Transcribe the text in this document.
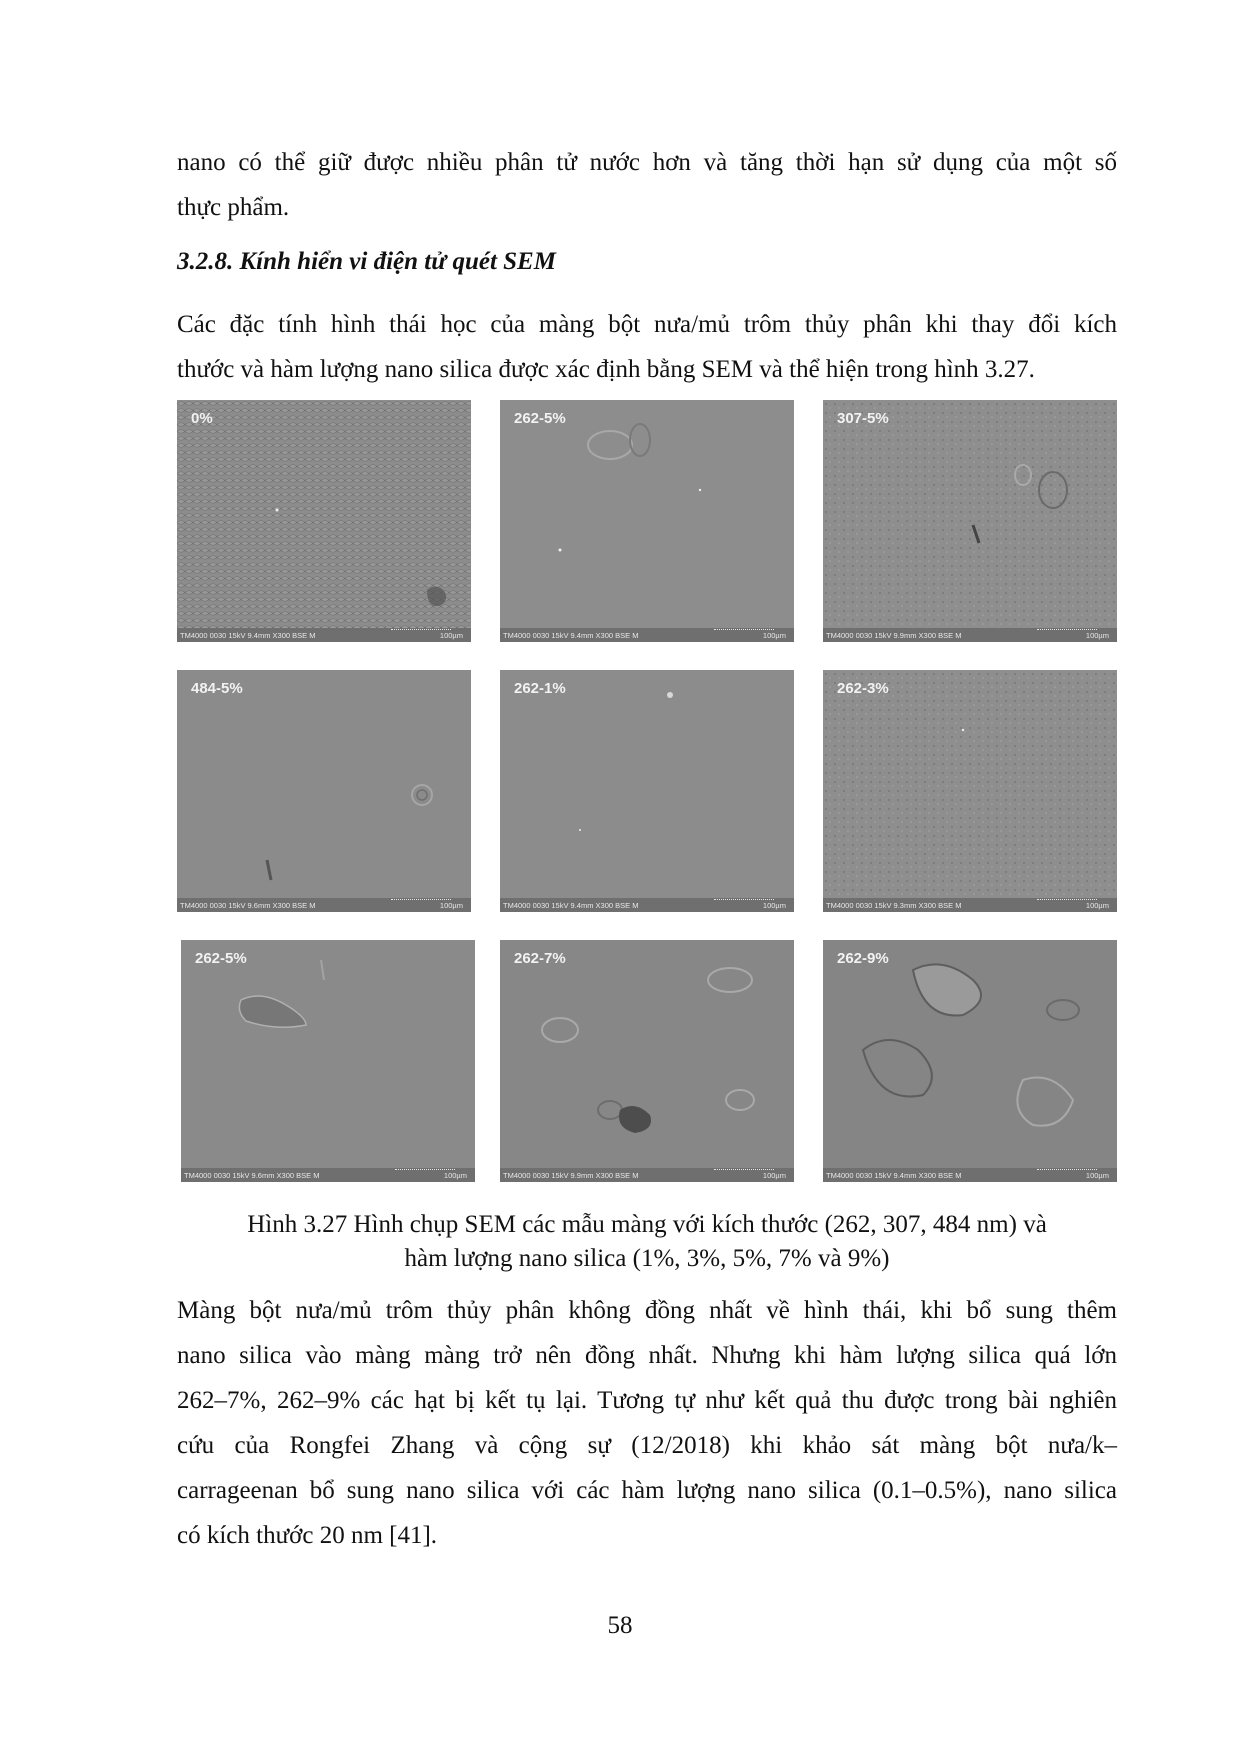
nano có thể giữ được nhiều phân tử nước hơn và tăng thời hạn sử dụng của một số
thực phẩm.

3.2.8. Kính hiển vi điện tử quét SEM

Các đặc tính hình thái học của màng bột nưa/mủ trôm thủy phân khi thay đổi kích
thước và hàm lượng nano silica được xác định bằng SEM và thể hiện trong hình 3.27.

0%
TM4000 0030 15kV 9.4mm X300 BSE M	100µm
262-5%
TM4000 0030 15kV 9.4mm X300 BSE M	100µm
307-5%
TM4000 0030 15kV 9.9mm X300 BSE M	100µm
484-5%
TM4000 0030 15kV 9.6mm X300 BSE M	100µm
262-1%
TM4000 0030 15kV 9.4mm X300 BSE M	100µm
262-3%
TM4000 0030 15kV 9.3mm X300 BSE M	100µm
262-5%
TM4000 0030 15kV 9.6mm X300 BSE M	100µm
262-7%
TM4000 0030 15kV 9.9mm X300 BSE M	100µm
262-9%
TM4000 0030 15kV 9.4mm X300 BSE M	100µm

Hình 3.27 Hình chụp SEM các mẫu màng với kích thước (262, 307, 484 nm) và
hàm lượng nano silica (1%, 3%, 5%, 7% và 9%)

Màng bột nưa/mủ trôm thủy phân không đồng nhất về hình thái, khi bổ sung thêm
nano silica vào màng màng trở nên đồng nhất. Nhưng khi hàm lượng silica quá lớn
262–7%, 262–9% các hạt bị kết tụ lại. Tương tự như kết quả thu được trong bài nghiên
cứu của Rongfei Zhang và cộng sự (12/2018) khi khảo sát màng bột nưa/k–
carrageenan bổ sung nano silica với các hàm lượng nano silica (0.1–0.5%), nano silica
có kích thước 20 nm [41].

58
